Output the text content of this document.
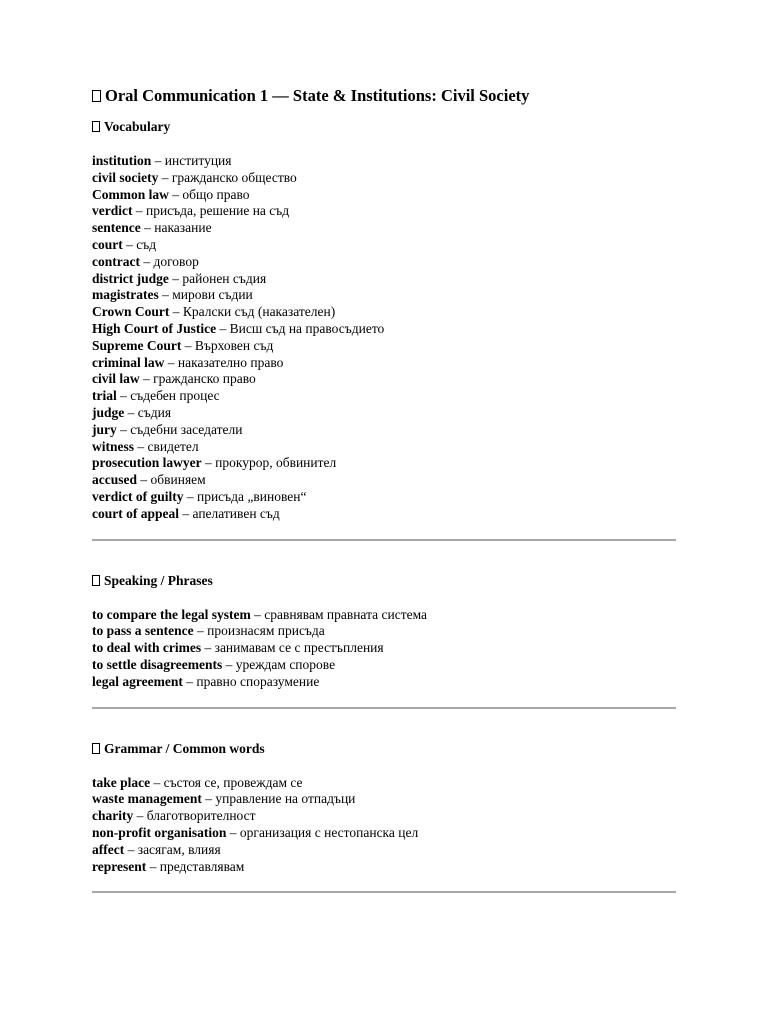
Oral Communication 1 — State & Institutions: Civil Society
Vocabulary
institution – институция
civil society – гражданско общество
Common law – общо право
verdict – присъда, решение на съд
sentence – наказание
court – съд
contract – договор
district judge – районен съдия
magistrates – мирови съдии
Crown Court – Кралски съд (наказателен)
High Court of Justice – Висш съд на правосъдието
Supreme Court – Върховен съд
criminal law – наказателно право
civil law – гражданско право
trial – съдебен процес
judge – съдия
jury – съдебни заседатели
witness – свидетел
prosecution lawyer – прокурор, обвинител
accused – обвиняем
verdict of guilty – присъда „виновен“
court of appeal – апелативен съд
Speaking / Phrases
to compare the legal system – сравнявам правната система
to pass a sentence – произнасям присъда
to deal with crimes – занимавам се с престъпления
to settle disagreements – уреждам спорове
legal agreement – правно споразумение
Grammar / Common words
take place – състоя се, провеждам се
waste management – управление на отпадъци
charity – благотворителност
non-profit organisation – организация с нестопанска цел
affect – засягам, влияя
represent – представлявам
